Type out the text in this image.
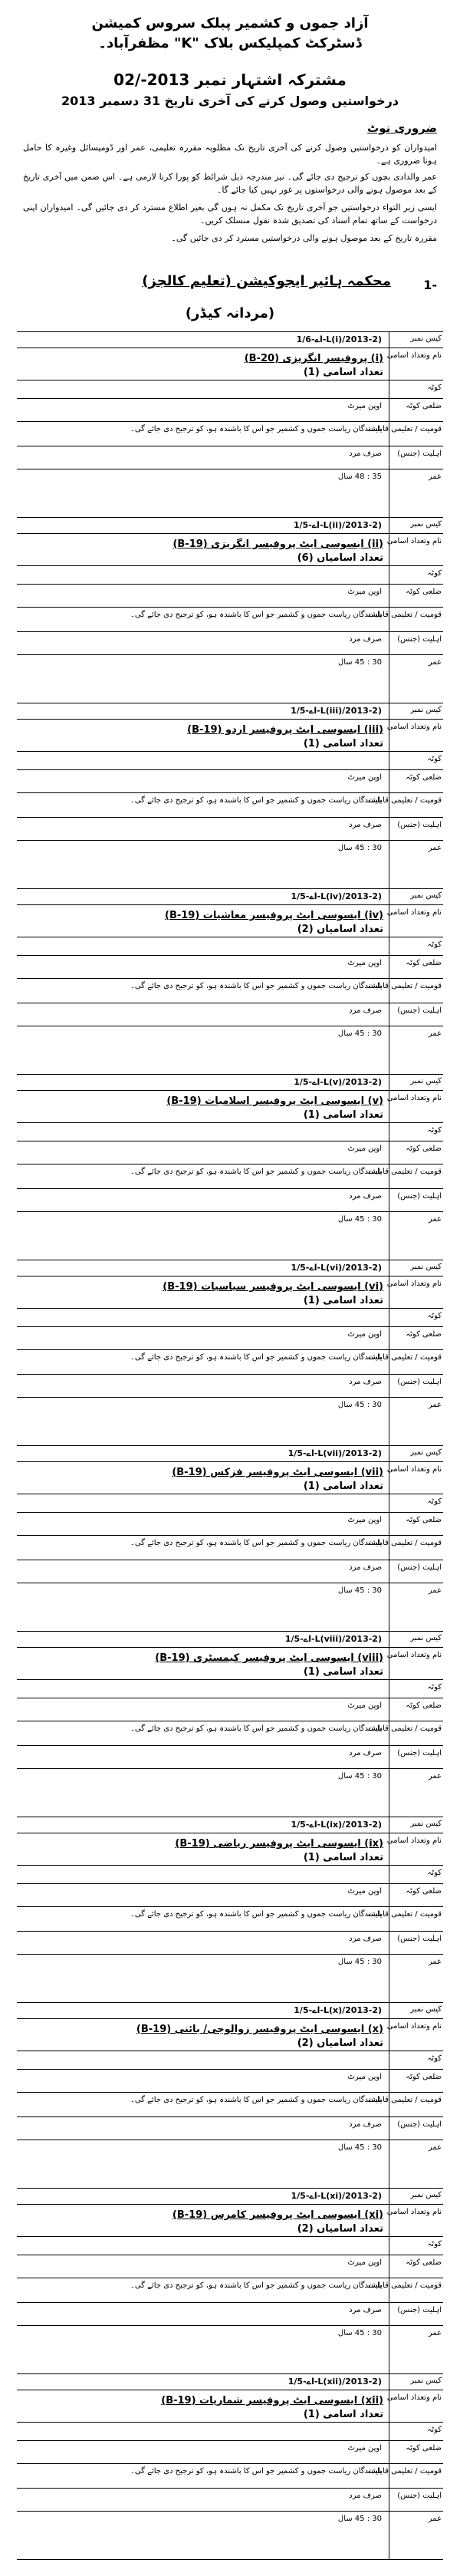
آزاد جموں و کشمیر پبلک سروس کمیشن
ڈسٹرکٹ کمپلیکس بلاک "K" مظفرآباد۔
مشترکہ اشتہار نمبر 2013-/02
درخواستیں وصول کرنے کی آخری تاریخ 31 دسمبر 2013
ضروری نوٹ
امیدواران کو درخواستیں وصول کرنے کی آخری تاریخ تک مطلوبہ مقررہ تعلیمی، عمر اور ڈومیسائل وغیرہ کا حامل ہونا ضروری ہے۔
عمر والدادی بچوں کو ترجیح دی جائے گی۔ نیز مندرجہ ذیل شرائط کو پورا کرنا لازمی ہے۔ اس ضمن میں آخری تاریخ کے بعد موصول ہونے والی درخواستوں پر غور نہیں کیا جائے گا۔
ایسی زیر التواء درخواستیں جو آخری تاریخ تک مکمل نہ ہوں گی بغیر اطلاع مسترد کر دی جائیں گی۔ امیدواران اپنی درخواست کے ساتھ تمام اسناد کی تصدیق شدہ نقول منسلک کریں۔
مقررہ تاریخ کے بعد موصول ہونے والی درخواستیں مسترد کر دی جائیں گی۔
-1
محکمہ ہائیر ایجوکیشن (تعلیم کالجز)
(مردانہ کیڈر)
کیس نمبر
اے-1/6-L(i)/2013-2)
نام وتعداد اسامی
(i) پروفیسر انگریزی (B-20)
کوٹہ
ضلعی کوٹہ
اوپن میرٹ
قومیت / تعلیمی قابلیت
باشندگان ریاست جموں و کشمیر جو اس کا باشندہ ہو، کو ترجیح دی جائے گی۔
اہلیت (جنس)
صرف مرد
عمر
35 : 48 سال
تعداد اسامی (1)
کیس نمبر
اے-1/5-L(ii)/2013-2)
نام وتعداد اسامی
(ii) ایسوسی ایٹ پروفیسر انگریزی (B-19)
کوٹہ
ضلعی کوٹہ
اوپن میرٹ
قومیت / تعلیمی قابلیت
باشندگان ریاست جموں و کشمیر جو اس کا باشندہ ہو، کو ترجیح دی جائے گی۔
اہلیت (جنس)
صرف مرد
عمر
30 : 45 سال
تعداد اسامیاں (6)
کیس نمبر
اے-1/5-L(iii)/2013-2)
نام وتعداد اسامی
(iii) ایسوسی ایٹ پروفیسر اردو (B-19)
کوٹہ
ضلعی کوٹہ
اوپن میرٹ
قومیت / تعلیمی قابلیت
باشندگان ریاست جموں و کشمیر جو اس کا باشندہ ہو، کو ترجیح دی جائے گی۔
اہلیت (جنس)
صرف مرد
عمر
30 : 45 سال
تعداد اسامی (1)
کیس نمبر
اے-1/5-L(iv)/2013-2)
نام وتعداد اسامی
(iv) ایسوسی ایٹ پروفیسر معاشیات (B-19)
کوٹہ
ضلعی کوٹہ
اوپن میرٹ
قومیت / تعلیمی قابلیت
باشندگان ریاست جموں و کشمیر جو اس کا باشندہ ہو، کو ترجیح دی جائے گی۔
اہلیت (جنس)
صرف مرد
عمر
30 : 45 سال
تعداد اسامیاں (2)
کیس نمبر
اے-1/5-L(v)/2013-2)
نام وتعداد اسامی
(v) ایسوسی ایٹ پروفیسر اسلامیات (B-19)
کوٹہ
ضلعی کوٹہ
اوپن میرٹ
قومیت / تعلیمی قابلیت
باشندگان ریاست جموں و کشمیر جو اس کا باشندہ ہو، کو ترجیح دی جائے گی۔
اہلیت (جنس)
صرف مرد
عمر
30 : 45 سال
تعداد اسامی (1)
کیس نمبر
اے-1/5-L(vi)/2013-2)
نام وتعداد اسامی
(vi) ایسوسی ایٹ پروفیسر سیاسیات (B-19)
کوٹہ
ضلعی کوٹہ
اوپن میرٹ
قومیت / تعلیمی قابلیت
باشندگان ریاست جموں و کشمیر جو اس کا باشندہ ہو، کو ترجیح دی جائے گی۔
اہلیت (جنس)
صرف مرد
عمر
30 : 45 سال
تعداد اسامی (1)
کیس نمبر
اے-1/5-L(vii)/2013-2)
نام وتعداد اسامی
(vii) ایسوسی ایٹ پروفیسر فزکس (B-19)
کوٹہ
ضلعی کوٹہ
اوپن میرٹ
قومیت / تعلیمی قابلیت
باشندگان ریاست جموں و کشمیر جو اس کا باشندہ ہو، کو ترجیح دی جائے گی۔
اہلیت (جنس)
صرف مرد
عمر
30 : 45 سال
تعداد اسامی (1)
کیس نمبر
اے-1/5-L(viii)/2013-2)
نام وتعداد اسامی
(viii) ایسوسی ایٹ پروفیسر کیمسٹری (B-19)
کوٹہ
ضلعی کوٹہ
اوپن میرٹ
قومیت / تعلیمی قابلیت
باشندگان ریاست جموں و کشمیر جو اس کا باشندہ ہو، کو ترجیح دی جائے گی۔
اہلیت (جنس)
صرف مرد
عمر
30 : 45 سال
تعداد اسامی (1)
کیس نمبر
اے-1/5-L(ix)/2013-2)
نام وتعداد اسامی
(ix) ایسوسی ایٹ پروفیسر ریاضی (B-19)
کوٹہ
ضلعی کوٹہ
اوپن میرٹ
قومیت / تعلیمی قابلیت
باشندگان ریاست جموں و کشمیر جو اس کا باشندہ ہو، کو ترجیح دی جائے گی۔
اہلیت (جنس)
صرف مرد
عمر
30 : 45 سال
تعداد اسامی (1)
کیس نمبر
اے-1/5-L(x)/2013-2)
نام وتعداد اسامی
(x) ایسوسی ایٹ پروفیسر زوالوجی/ بائنی (B-19)
کوٹہ
ضلعی کوٹہ
اوپن میرٹ
قومیت / تعلیمی قابلیت
باشندگان ریاست جموں و کشمیر جو اس کا باشندہ ہو، کو ترجیح دی جائے گی۔
اہلیت (جنس)
صرف مرد
عمر
30 : 45 سال
تعداد اسامیاں (2)
کیس نمبر
اے-1/5-L(xi)/2013-2)
نام وتعداد اسامی
(xi) ایسوسی ایٹ پروفیسر کامرس (B-19)
کوٹہ
ضلعی کوٹہ
اوپن میرٹ
قومیت / تعلیمی قابلیت
باشندگان ریاست جموں و کشمیر جو اس کا باشندہ ہو، کو ترجیح دی جائے گی۔
اہلیت (جنس)
صرف مرد
عمر
30 : 45 سال
تعداد اسامیاں (2)
کیس نمبر
اے-1/5-L(xii)/2013-2)
نام وتعداد اسامی
(xii) ایسوسی ایٹ پروفیسر شماریات (B-19)
کوٹہ
ضلعی کوٹہ
اوپن میرٹ
قومیت / تعلیمی قابلیت
باشندگان ریاست جموں و کشمیر جو اس کا باشندہ ہو، کو ترجیح دی جائے گی۔
اہلیت (جنس)
صرف مرد
عمر
30 : 45 سال
تعداد اسامی (1)
